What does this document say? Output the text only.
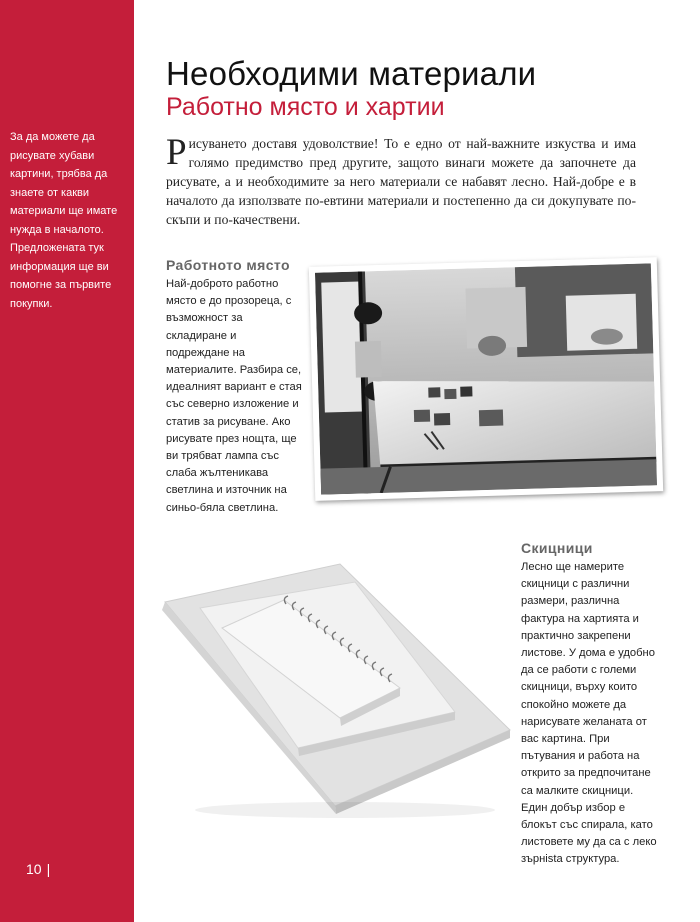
За да можете да рисувате хубави картини, трябва да знаете от какви материали ще имате нужда в началото. Предложената тук информация ще ви помогне за първите покупки.

10 |
Необходими материали
Работно място и хартии

Рисуването доставя удоволствие! То е едно от най-важните изкуства и има голямо предимство пред другите, защото винаги можете да започнете да рисувате, а и необходимите за него материали се набавят лесно. Най-добре е в началото да използвате по-евтини материали и постепенно да си докупувате по-скъпи и по-качествени.

Работното място

Най-доброто работно място е до прозореца, с възможност за складиране и подреждане на материалите. Разбира се, идеалният вариант е стая със северно изложение и статив за рисуване. Ако рисувате през нощта, ще ви трябват лампа със слаба жълтеникава светлина и източник на синьо-бяла светлина.

Скицници

Лесно ще намерите скицници с различни размери, различна фактура на хартията и практично закрепени листове. У дома е удобно да се работи с големи скицници, върху които спокойно можете да нарисувате желаната от вас картина. При пътувания и работа на открито за предпочитане са малките скицници. Един добър избор е блокът със спирала, като листовете му да са с леко зърнista структура.
